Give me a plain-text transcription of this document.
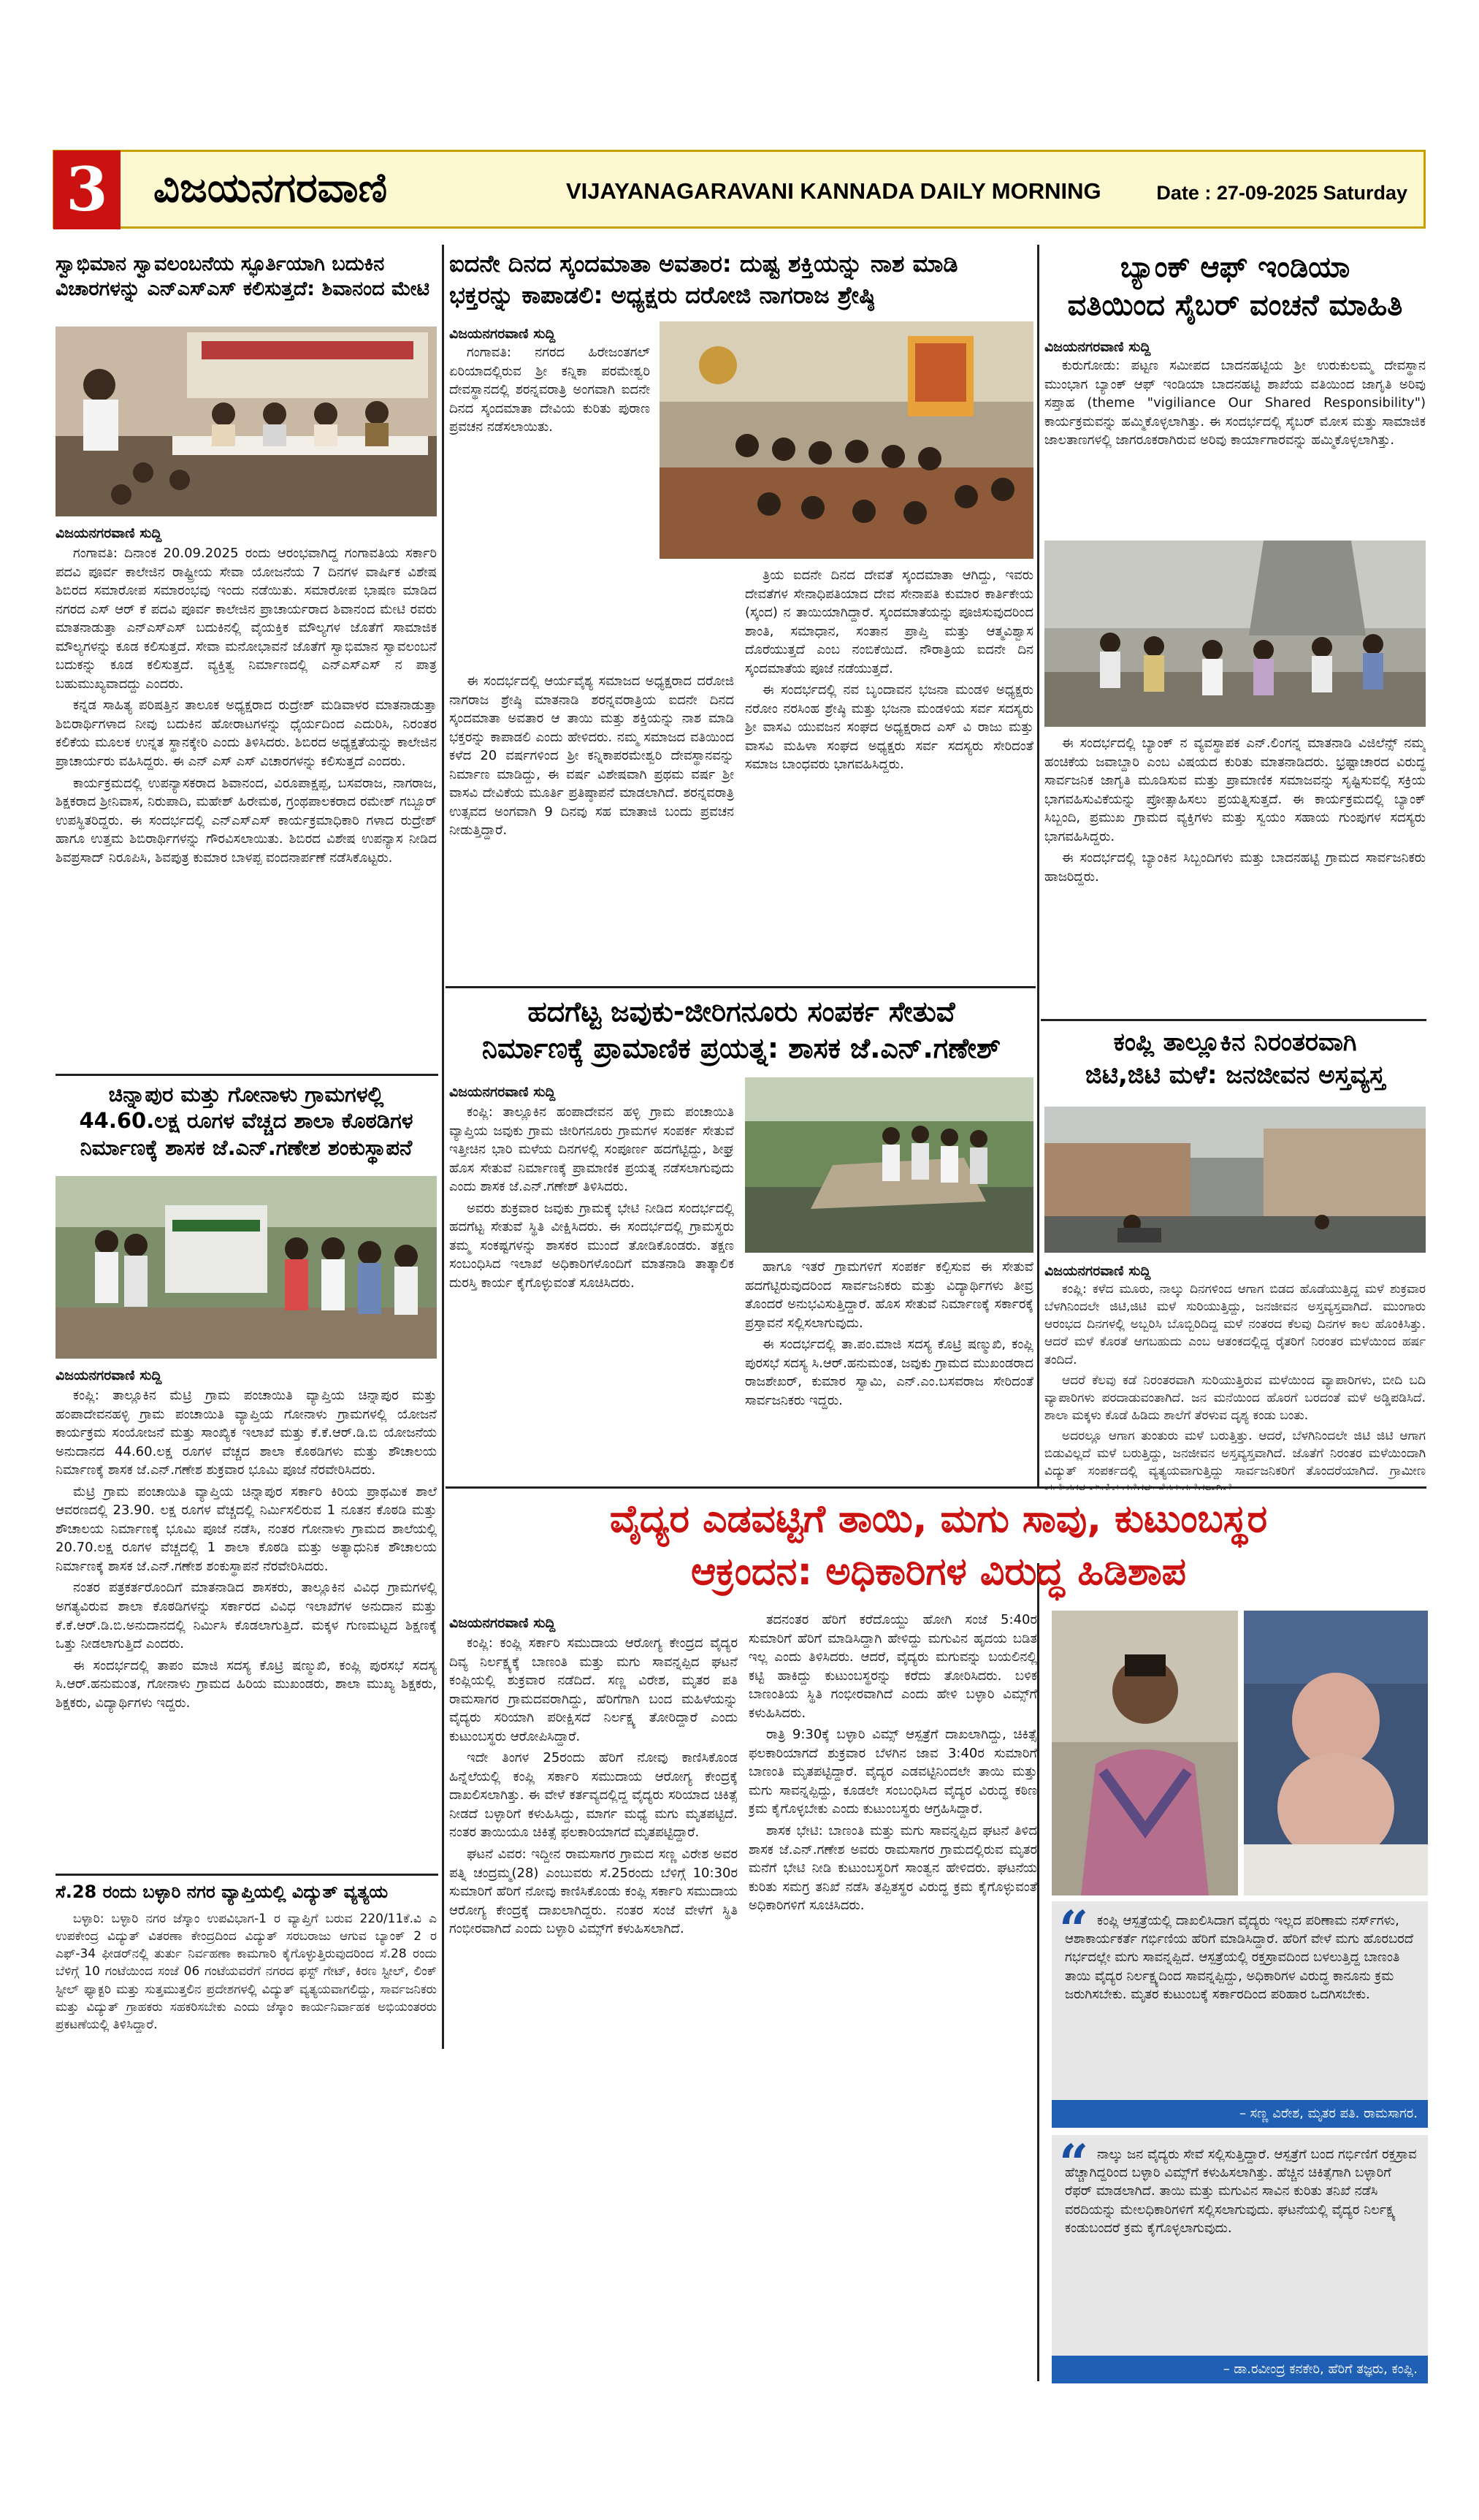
3	ವಿಜಯನಗರವಾಣಿ	VIJAYANAGARAVANI KANNADA DAILY MORNING	Date : 27-09-2025 Saturday
ಸ್ವಾಭಿಮಾನ ಸ್ವಾವಲಂಬನೆಯ ಸ್ಫೂರ್ತಿಯಾಗಿ ಬದುಕಿನ
ವಿಚಾರಗಳನ್ನು ಎನ್‌ಎಸ್‌ಎಸ್ ಕಲಿಸುತ್ತದೆ: ಶಿವಾನಂದ ಮೇಟಿ
ವಿಜಯನಗರವಾಣಿ ಸುದ್ದಿ

ಗಂಗಾವತಿ: ದಿನಾಂಕ 20.09.2025 ರಂದು ಆರಂಭವಾಗಿದ್ದ ಗಂಗಾವತಿಯ ಸರ್ಕಾರಿ ಪದವಿ ಪೂರ್ವ ಕಾಲೇಜಿನ ರಾಷ್ಟ್ರೀಯ ಸೇವಾ ಯೋಜನೆಯ 7 ದಿನಗಳ ವಾರ್ಷಿಕ ವಿಶೇಷ ಶಿಬಿರದ ಸಮಾರೋಪ ಸಮಾರಂಭವು ಇಂದು ನಡೆಯಿತು. ಸಮಾರೋಪ ಭಾಷಣ ಮಾಡಿದ ನಗರದ ಎಸ್ ಆರ್ ಕೆ ಪದವಿ ಪೂರ್ವ ಕಾಲೇಜಿನ ಪ್ರಾಚಾರ್ಯರಾದ ಶಿವಾನಂದ ಮೇಟಿ ರವರು ಮಾತನಾಡುತ್ತಾ ಎನ್‌ಎಸ್‌ಎಸ್ ಬದುಕಿನಲ್ಲಿ ವೈಯಕ್ತಿಕ ಮೌಲ್ಯಗಳ ಜೊತೆಗೆ ಸಾಮಾಜಿಕ ಮೌಲ್ಯಗಳನ್ನು ಕೂಡ ಕಲಿಸುತ್ತದೆ. ಸೇವಾ ಮನೋಭಾವನೆ ಜೊತೆಗೆ ಸ್ವಾಭಿಮಾನ ಸ್ವಾವಲಂಬನೆ ಬದುಕನ್ನು ಕೂಡ ಕಲಿಸುತ್ತದೆ. ವ್ಯಕ್ತಿತ್ವ ನಿರ್ಮಾಣದಲ್ಲಿ ಎನ್‌ಎಸ್‌ಎಸ್ ನ ಪಾತ್ರ ಬಹುಮುಖ್ಯವಾದದ್ದು ಎಂದರು.

ಕನ್ನಡ ಸಾಹಿತ್ಯ ಪರಿಷತ್ತಿನ ತಾಲೂಕ ಅಧ್ಯಕ್ಷರಾದ ರುದ್ರೇಶ್ ಮಡಿವಾಳರ ಮಾತನಾಡುತ್ತಾ ಶಿಬಿರಾರ್ಥಿಗಳಾದ ನೀವು ಬದುಕಿನ ಹೋರಾಟಗಳನ್ನು ಧೈರ್ಯದಿಂದ ಎದುರಿಸಿ, ನಿರಂತರ ಕಲಿಕೆಯ ಮೂಲಕ ಉನ್ನತ ಸ್ಥಾನಕ್ಕೇರಿ ಎಂದು ತಿಳಿಸಿದರು. ಶಿಬಿರದ ಅಧ್ಯಕ್ಷತೆಯನ್ನು ಕಾಲೇಜಿನ ಪ್ರಾಚಾರ್ಯರು ವಹಿಸಿದ್ದರು. ಈ ಎನ್ ಎಸ್ ಎಸ್ ವಿಚಾರಗಳನ್ನು ಕಲಿಸುತ್ತದೆ ಎಂದರು.

ಕಾರ್ಯಕ್ರಮದಲ್ಲಿ ಉಪನ್ಯಾಸಕರಾದ ಶಿವಾನಂದ, ವಿರೂಪಾಕ್ಷಪ್ಪ, ಬಸವರಾಜ, ನಾಗರಾಜ, ಶಿಕ್ಷಕರಾದ ಶ್ರೀನಿವಾಸ, ನಿರುಪಾದಿ, ಮಹೇಶ್ ಹಿರೇಮಠ, ಗ್ರಂಥಪಾಲಕರಾದ ರಮೇಶ್ ಗಬ್ಬೂರ್ ಉಪಸ್ಥಿತರಿದ್ದರು. ಈ ಸಂದರ್ಭದಲ್ಲಿ ಎನ್‌ಎಸ್‌ಎಸ್ ಕಾರ್ಯಕ್ರಮಾಧಿಕಾರಿ ಗಳಾದ ರುದ್ರೇಶ್ ಹಾಗೂ ಉತ್ತಮ ಶಿಬಿರಾರ್ಥಿಗಳನ್ನು ಗೌರವಿಸಲಾಯಿತು. ಶಿಬಿರದ ವಿಶೇಷ ಉಪನ್ಯಾಸ ನೀಡಿದ ಶಿವಪ್ರಸಾದ್ ನಿರೂಪಿಸಿ, ಶಿವಪುತ್ರ ಕುಮಾರ ಬಾಳಪ್ಪ ವಂದನಾರ್ಪಣೆ ನಡೆಸಿಕೊಟ್ಟರು.

ಚಿನ್ನಾಪುರ ಮತ್ತು ಗೋನಾಳು ಗ್ರಾಮಗಳಲ್ಲಿ
44.60.ಲಕ್ಷ ರೂಗಳ ವೆಚ್ಚದ ಶಾಲಾ ಕೊಠಡಿಗಳ
ನಿರ್ಮಾಣಕ್ಕೆ ಶಾಸಕ ಜೆ.ಎನ್.ಗಣೇಶ ಶಂಕುಸ್ಥಾಪನೆ
ವಿಜಯನಗರವಾಣಿ ಸುದ್ದಿ

ಕಂಪ್ಲಿ: ತಾಲ್ಲೂಕಿನ ಮೆಟ್ರಿ ಗ್ರಾಮ ಪಂಚಾಯಿತಿ ವ್ಯಾಪ್ತಿಯ ಚಿನ್ನಾಪುರ ಮತ್ತು ಹಂಪಾದೇವನಹಳ್ಳಿ ಗ್ರಾಮ ಪಂಚಾಯಿತಿ ವ್ಯಾಪ್ತಿಯ ಗೋನಾಳು ಗ್ರಾಮಗಳಲ್ಲಿ ಯೋಜನೆ ಕಾರ್ಯಕ್ರಮ ಸಂಯೋಜನೆ ಮತ್ತು ಸಾಂಖ್ಯಿಕ ಇಲಾಖೆ ಮತ್ತು ಕೆ.ಕೆ.ಆರ್.ಡಿ.ಬಿ ಯೋಜನೆಯ ಅನುದಾನದ 44.60.ಲಕ್ಷ ರೂಗಳ ವೆಚ್ಚದ ಶಾಲಾ ಕೊಠಡಿಗಳು ಮತ್ತು ಶೌಚಾಲಯ ನಿರ್ಮಾಣಕ್ಕೆ ಶಾಸಕ ಜೆ.ಎನ್.ಗಣೇಶ ಶುಕ್ರವಾರ ಭೂಮಿ ಪೂಜೆ ನೆರವೇರಿಸಿದರು.

ಮೆಟ್ರಿ ಗ್ರಾಮ ಪಂಚಾಯಿತಿ ವ್ಯಾಪ್ತಿಯ ಚಿನ್ನಾಪುರ ಸರ್ಕಾರಿ ಕಿರಿಯ ಪ್ರಾಥಮಿಕ ಶಾಲೆ ಆವರಣದಲ್ಲಿ 23.90. ಲಕ್ಷ ರೂಗಳ ವೆಚ್ಚದಲ್ಲಿ ನಿರ್ಮಿಸಲಿರುವ 1 ನೂತನ ಕೊಠಡಿ ಮತ್ತು ಶೌಚಾಲಯ ನಿರ್ಮಾಣಕ್ಕೆ ಭೂಮಿ ಪೂಜೆ ನಡೆಸಿ, ನಂತರ ಗೋನಾಳು ಗ್ರಾಮದ ಶಾಲೆಯಲ್ಲಿ 20.70.ಲಕ್ಷ ರೂಗಳ ವೆಚ್ಚದಲ್ಲಿ 1 ಶಾಲಾ ಕೊಠಡಿ ಮತ್ತು ಅತ್ಯಾಧುನಿಕ ಶೌಚಾಲಯ ನಿರ್ಮಾಣಕ್ಕೆ ಶಾಸಕ ಜೆ.ಎನ್.ಗಣೇಶ ಶಂಕುಸ್ಥಾಪನೆ ನೆರವೇರಿಸಿದರು.

ನಂತರ ಪತ್ರಕರ್ತರೊಂದಿಗೆ ಮಾತನಾಡಿದ ಶಾಸಕರು, ತಾಲ್ಲೂಕಿನ ವಿವಿಧ ಗ್ರಾಮಗಳಲ್ಲಿ ಅಗತ್ಯವಿರುವ ಶಾಲಾ ಕೊಠಡಿಗಳನ್ನು ಸರ್ಕಾರದ ವಿವಿಧ ಇಲಾಖೆಗಳ ಅನುದಾನ ಮತ್ತು ಕೆ.ಕೆ.ಆರ್.ಡಿ.ಬಿ.ಅನುದಾನದಲ್ಲಿ ನಿರ್ಮಿಸಿ ಕೊಡಲಾಗುತ್ತಿದೆ. ಮಕ್ಕಳ ಗುಣಮಟ್ಟದ ಶಿಕ್ಷಣಕ್ಕೆ ಒತ್ತು ನೀಡಲಾಗುತ್ತಿದೆ ಎಂದರು.

ಈ ಸಂದರ್ಭದಲ್ಲಿ ತಾಪಂ ಮಾಜಿ ಸದಸ್ಯ ಕೊಟ್ರಿ ಷಣ್ಮುಖಿ, ಕಂಪ್ಲಿ ಪುರಸಭೆ ಸದಸ್ಯ ಸಿ.ಆರ್.ಹನುಮಂತ, ಗೋನಾಳು ಗ್ರಾಮದ ಹಿರಿಯ ಮುಖಂಡರು, ಶಾಲಾ ಮುಖ್ಯ ಶಿಕ್ಷಕರು, ಶಿಕ್ಷಕರು, ವಿದ್ಯಾರ್ಥಿಗಳು ಇದ್ದರು.

ಸೆ.28 ರಂದು ಬಳ್ಳಾರಿ ನಗರ ವ್ಯಾಪ್ತಿಯಲ್ಲಿ ವಿದ್ಯುತ್ ವ್ಯತ್ಯಯ

ಬಳ್ಳಾರಿ: ಬಳ್ಳಾರಿ ನಗರ ಜೆಸ್ಕಾಂ ಉಪವಿಭಾಗ-1 ರ ವ್ಯಾಪ್ತಿಗೆ ಬರುವ 220/11ಕೆ.ವಿ ಎ ಉಪಕೇಂದ್ರ ವಿದ್ಯುತ್ ವಿತರಣಾ ಕೇಂದ್ರದಿಂದ ವಿದ್ಯುತ್ ಸರಬರಾಜು ಆಗುವ ಬ್ಯಾಂಕ್ 2 ರ ಎಫ್-34 ಫೀಡರ್‌ನಲ್ಲಿ ತುರ್ತು ನಿರ್ವಹಣಾ ಕಾಮಗಾರಿ ಕೈಗೊಳ್ಳುತ್ತಿರುವುದರಿಂದ ಸೆ.28 ರಂದು ಬೆಳಿಗ್ಗೆ 10 ಗಂಟೆಯಿಂದ ಸಂಜೆ 06 ಗಂಟೆಯವರೆಗೆ ನಗರದ ಫಸ್ಟ್ ಗೇಟ್, ಕಿರಣ ಸ್ಟೀಲ್, ಲಿಂಕ್ ಸ್ಟೀಲ್ ಫ್ಯಾಕ್ಟರಿ ಮತ್ತು ಸುತ್ತಮುತ್ತಲಿನ ಪ್ರದೇಶಗಳಲ್ಲಿ ವಿದ್ಯುತ್ ವ್ಯತ್ಯಯವಾಗಲಿದ್ದು, ಸಾರ್ವಜನಿಕರು ಮತ್ತು ವಿದ್ಯುತ್ ಗ್ರಾಹಕರು ಸಹಕರಿಸಬೇಕು ಎಂದು ಜೆಸ್ಕಾಂ ಕಾರ್ಯನಿರ್ವಾಹಕ ಅಭಿಯಂತರರು ಪ್ರಕಟಣೆಯಲ್ಲಿ ತಿಳಿಸಿದ್ದಾರೆ.

ಐದನೇ ದಿನದ ಸ್ಕಂದಮಾತಾ ಅವತಾರ: ದುಷ್ಟ ಶಕ್ತಿಯನ್ನು ನಾಶ ಮಾಡಿ
ಭಕ್ತರನ್ನು ಕಾಪಾಡಲಿ: ಅಧ್ಯಕ್ಷರು ದರೋಜಿ ನಾಗರಾಜ ಶ್ರೇಷ್ಠಿ
ವಿಜಯನಗರವಾಣಿ ಸುದ್ದಿ

ಗಂಗಾವತಿ: ನಗರದ ಹಿರೇಜಂತಗಲ್ ಏರಿಯಾದಲ್ಲಿರುವ ಶ್ರೀ ಕನ್ನಿಕಾ ಪರಮೇಶ್ವರಿ ದೇವಸ್ಥಾನದಲ್ಲಿ ಶರನ್ನವರಾತ್ರಿ ಅಂಗವಾಗಿ ಐದನೇ ದಿನದ ಸ್ಕಂದಮಾತಾ ದೇವಿಯ ಕುರಿತು ಪುರಾಣ ಪ್ರವಚನ ನಡೆಸಲಾಯಿತು.

ಈ ಸಂದರ್ಭದಲ್ಲಿ ಆರ್ಯವೈಶ್ಯ ಸಮಾಜದ ಅಧ್ಯಕ್ಷರಾದ ದರೋಜಿ ನಾಗರಾಜ ಶ್ರೇಷ್ಠಿ ಮಾತನಾಡಿ ಶರನ್ನವರಾತ್ರಿಯ ಐದನೇ ದಿನದ ಸ್ಕಂದಮಾತಾ ಅವತಾರ ಆ ತಾಯಿ ಮತ್ತು ಶಕ್ತಿಯನ್ನು ನಾಶ ಮಾಡಿ ಭಕ್ತರನ್ನು ಕಾಪಾಡಲಿ ಎಂದು ಹೇಳಿದರು. ನಮ್ಮ ಸಮಾಜದ ವತಿಯಿಂದ ಕಳೆದ 20 ವರ್ಷಗಳಿಂದ ಶ್ರೀ ಕನ್ನಿಕಾಪರಮೇಶ್ವರಿ ದೇವಸ್ಥಾನವನ್ನು ನಿರ್ಮಾಣ ಮಾಡಿದ್ದು, ಈ ವರ್ಷ ವಿಶೇಷವಾಗಿ ಪ್ರಥಮ ವರ್ಷ ಶ್ರೀ ವಾಸವಿ ದೇವಿಕೆಯ ಮೂರ್ತಿ ಪ್ರತಿಷ್ಠಾಪನೆ ಮಾಡಲಾಗಿದೆ. ಶರನ್ನವರಾತ್ರಿ ಉತ್ಸವದ ಅಂಗವಾಗಿ 9 ದಿನವು ಸಹ ಮಾತಾಜಿ ಬಂದು ಪ್ರವಚನ ನೀಡುತ್ತಿದ್ದಾರೆ.

ತ್ರಿಯ ಐದನೇ ದಿನದ ದೇವತೆ ಸ್ಕಂದಮಾತಾ ಆಗಿದ್ದು, ಇವರು ದೇವತೆಗಳ ಸೇನಾಧಿಪತಿಯಾದ ದೇವ ಸೇನಾಪತಿ ಕುಮಾರ ಕಾರ್ತಿಕೇಯ (ಸ್ಕಂದ) ನ ತಾಯಿಯಾಗಿದ್ದಾರೆ. ಸ್ಕಂದಮಾತೆಯನ್ನು ಪೂಜಿಸುವುದರಿಂದ ಶಾಂತಿ, ಸಮಾಧಾನ, ಸಂತಾನ ಪ್ರಾಪ್ತಿ ಮತ್ತು ಆತ್ಮವಿಶ್ವಾಸ ದೊರೆಯುತ್ತದೆ ಎಂಬ ನಂಬಿಕೆಯಿದೆ. ನೌರಾತ್ರಿಯ ಐದನೇ ದಿನ ಸ್ಕಂದಮಾತೆಯ ಪೂಜೆ ನಡೆಯುತ್ತದೆ.

ಈ ಸಂದರ್ಭದಲ್ಲಿ ನವ ಬೃಂದಾವನ ಭಜನಾ ಮಂಡಳಿ ಅಧ್ಯಕ್ಷರು ನರೋಂ ನರಸಿಂಹ ಶ್ರೇಷ್ಠಿ ಮತ್ತು ಭಜನಾ ಮಂಡಳಿಯ ಸರ್ವ ಸದಸ್ಯರು ಶ್ರೀ ವಾಸವಿ ಯುವಜನ ಸಂಘದ ಅಧ್ಯಕ್ಷರಾದ ಎಸ್ ವಿ ರಾಜು ಮತ್ತು ವಾಸವಿ ಮಹಿಳಾ ಸಂಘದ ಅಧ್ಯಕ್ಷರು ಸರ್ವ ಸದಸ್ಯರು ಸೇರಿದಂತೆ ಸಮಾಜ ಬಾಂಧವರು ಭಾಗವಹಿಸಿದ್ದರು.

ಹದಗೆಟ್ಟ ಜವುಕು-ಜೀರಿಗನೂರು ಸಂಪರ್ಕ ಸೇತುವೆ
ನಿರ್ಮಾಣಕ್ಕೆ ಪ್ರಾಮಾಣಿಕ ಪ್ರಯತ್ನ: ಶಾಸಕ ಜೆ.ಎನ್.ಗಣೇಶ್
ವಿಜಯನಗರವಾಣಿ ಸುದ್ದಿ

ಕಂಪ್ಲಿ: ತಾಲ್ಲೂಕಿನ ಹಂಪಾದೇವನ ಹಳ್ಳಿ ಗ್ರಾಮ ಪಂಚಾಯಿತಿ ವ್ಯಾಪ್ತಿಯ ಜವುಕು ಗ್ರಾಮ ಜೀರಿಗನೂರು ಗ್ರಾಮಗಳ ಸಂಪರ್ಕ ಸೇತುವೆ ಇತ್ತೀಚಿನ ಭಾರಿ ಮಳೆಯ ದಿನಗಳಲ್ಲಿ ಸಂಪೂರ್ಣ ಹದಗೆಟ್ಟಿದ್ದು, ಶೀಘ್ರ ಹೊಸ ಸೇತುವೆ ನಿರ್ಮಾಣಕ್ಕೆ ಪ್ರಾಮಾಣಿಕ ಪ್ರಯತ್ನ ನಡೆಸಲಾಗುವುದು ಎಂದು ಶಾಸಕ ಜೆ.ಎನ್.ಗಣೇಶ್ ತಿಳಿಸಿದರು.

ಅವರು ಶುಕ್ರವಾರ ಜವುಕು ಗ್ರಾಮಕ್ಕೆ ಭೇಟಿ ನೀಡಿದ ಸಂದರ್ಭದಲ್ಲಿ ಹದಗೆಟ್ಟ ಸೇತುವೆ ಸ್ಥಿತಿ ವೀಕ್ಷಿಸಿದರು. ಈ ಸಂದರ್ಭದಲ್ಲಿ ಗ್ರಾಮಸ್ಥರು ತಮ್ಮ ಸಂಕಷ್ಟಗಳನ್ನು ಶಾಸಕರ ಮುಂದೆ ತೋಡಿಕೊಂಡರು. ತಕ್ಷಣ ಸಂಬಂಧಿಸಿದ ಇಲಾಖೆ ಅಧಿಕಾರಿಗಳೊಂದಿಗೆ ಮಾತನಾಡಿ ತಾತ್ಕಾಲಿಕ ದುರಸ್ತಿ ಕಾರ್ಯ ಕೈಗೊಳ್ಳುವಂತೆ ಸೂಚಿಸಿದರು.

ಹಾಗೂ ಇತರೆ ಗ್ರಾಮಗಳಿಗೆ ಸಂಪರ್ಕ ಕಲ್ಪಿಸುವ ಈ ಸೇತುವೆ ಹದಗೆಟ್ಟಿರುವುದರಿಂದ ಸಾರ್ವಜನಿಕರು ಮತ್ತು ವಿದ್ಯಾರ್ಥಿಗಳು ತೀವ್ರ ತೊಂದರೆ ಅನುಭವಿಸುತ್ತಿದ್ದಾರೆ. ಹೊಸ ಸೇತುವೆ ನಿರ್ಮಾಣಕ್ಕೆ ಸರ್ಕಾರಕ್ಕೆ ಪ್ರಸ್ತಾವನೆ ಸಲ್ಲಿಸಲಾಗುವುದು.

ಈ ಸಂದರ್ಭದಲ್ಲಿ ತಾ.ಪಂ.ಮಾಜಿ ಸದಸ್ಯ ಕೊಟ್ರಿ ಷಣ್ಮುಖಿ, ಕಂಪ್ಲಿ ಪುರಸಭೆ ಸದಸ್ಯ ಸಿ.ಆರ್.ಹನುಮಂತ, ಜವುಕು ಗ್ರಾಮದ ಮುಖಂಡರಾದ ರಾಜಶೇಖರ್, ಕುಮಾರ ಸ್ವಾಮಿ, ಎನ್.ಎಂ.ಬಸವರಾಜ ಸೇರಿದಂತೆ ಸಾರ್ವಜನಿಕರು ಇದ್ದರು.

ಬ್ಯಾಂಕ್ ಆಫ್ ಇಂಡಿಯಾ
ವತಿಯಿಂದ ಸೈಬರ್ ವಂಚನೆ ಮಾಹಿತಿ
ವಿಜಯನಗರವಾಣಿ ಸುದ್ದಿ

ಕುರುಗೋಡು: ಪಟ್ಟಣ ಸಮೀಪದ ಬಾದನಹಟ್ಟಿಯ ಶ್ರೀ ಉರುಕುಲಮ್ಮ ದೇವಸ್ಥಾನ ಮುಂಭಾಗ ಬ್ಯಾಂಕ್ ಆಫ್ ಇಂಡಿಯಾ ಬಾದನಹಟ್ಟಿ ಶಾಖೆಯ ವತಿಯಿಂದ ಜಾಗೃತಿ ಅರಿವು ಸಪ್ತಾಹ (theme "vigiliance Our Shared Responsibility") ಕಾರ್ಯಕ್ರಮವನ್ನು ಹಮ್ಮಿಕೊಳ್ಳಲಾಗಿತ್ತು. ಈ ಸಂದರ್ಭದಲ್ಲಿ ಸೈಬರ್ ಮೋಸ ಮತ್ತು ಸಾಮಾಜಿಕ ಜಾಲತಾಣಗಳಲ್ಲಿ ಜಾಗರೂಕರಾಗಿರುವ ಅರಿವು ಕಾರ್ಯಾಗಾರವನ್ನು ಹಮ್ಮಿಕೊಳ್ಳಲಾಗಿತ್ತು.

ಈ ಸಂದರ್ಭದಲ್ಲಿ ಬ್ಯಾಂಕ್ ನ ವ್ಯವಸ್ಥಾಪಕ ಎನ್.ಲಿಂಗನ್ನ ಮಾತನಾಡಿ ವಿಜಿಲೆನ್ಸ್ ನಮ್ಮ ಹಂಚಿಕೆಯ ಜವಾಬ್ದಾರಿ ಎಂಬ ವಿಷಯದ ಕುರಿತು ಮಾತನಾಡಿದರು. ಭ್ರಷ್ಟಾಚಾರದ ವಿರುದ್ಧ ಸಾರ್ವಜನಿಕ ಜಾಗೃತಿ ಮೂಡಿಸುವ ಮತ್ತು ಪ್ರಾಮಾಣಿಕ ಸಮಾಜವನ್ನು ಸೃಷ್ಟಿಸುವಲ್ಲಿ ಸಕ್ರಿಯ ಭಾಗವಹಿಸುವಿಕೆಯನ್ನು ಪ್ರೋತ್ಸಾಹಿಸಲು ಪ್ರಯತ್ನಿಸುತ್ತದೆ. ಈ ಕಾರ್ಯಕ್ರಮದಲ್ಲಿ ಬ್ಯಾಂಕ್ ಸಿಬ್ಬಂದಿ, ಪ್ರಮುಖ ಗ್ರಾಮದ ವ್ಯಕ್ತಿಗಳು ಮತ್ತು ಸ್ವಯಂ ಸಹಾಯ ಗುಂಪುಗಳ ಸದಸ್ಯರು ಭಾಗವಹಿಸಿದ್ದರು.

ಈ ಸಂದರ್ಭದಲ್ಲಿ ಬ್ಯಾಂಕಿನ ಸಿಬ್ಬಂದಿಗಳು ಮತ್ತು ಬಾದನಹಟ್ಟಿ ಗ್ರಾಮದ ಸಾರ್ವಜನಿಕರು ಹಾಜರಿದ್ದರು.

ಕಂಪ್ಲಿ ತಾಲ್ಲೂಕಿನ ನಿರಂತರವಾಗಿ
ಜಿಟಿ,ಜಿಟಿ ಮಳೆ: ಜನಜೀವನ ಅಸ್ತವ್ಯಸ್ತ
ವಿಜಯನಗರವಾಣಿ ಸುದ್ದಿ

ಕಂಪ್ಲಿ: ಕಳೆದ ಮೂರು, ನಾಲ್ಕು ದಿನಗಳಿಂದ ಆಗಾಗ ಬಿಡದ ಹೊಡೆಯುತ್ತಿದ್ದ ಮಳೆ ಶುಕ್ರವಾರ ಬೆಳಗಿನಿಂದಲೇ ಜಿಟಿ,ಜಿಟಿ ಮಳೆ ಸುರಿಯುತ್ತಿದ್ದು, ಜನಜೀವನ ಅಸ್ತವ್ಯಸ್ತವಾಗಿದೆ. ಮುಂಗಾರು ಆರಂಭದ ದಿನಗಳಲ್ಲಿ ಅಬ್ಬರಿಸಿ ಬೊಬ್ಬಿರಿದಿದ್ದ ಮಳೆ ನಂತರದ ಕೆಲವು ದಿನಗಳ ಕಾಲ ಹೊಂಕಿಸಿತ್ತು. ಆದರೆ ಮಳೆ ಕೊರತೆ ಆಗಬಹುದು ಎಂಬ ಆತಂಕದಲ್ಲಿದ್ದ ರೈತರಿಗೆ ನಿರಂತರ ಮಳೆಯಿಂದ ಹರ್ಷ ತಂದಿದೆ.

ಆದರೆ ಕೆಲವು ಕಡೆ ನಿರಂತರವಾಗಿ ಸುರಿಯುತ್ತಿರುವ ಮಳೆಯಿಂದ ವ್ಯಾಪಾರಿಗಳು, ಬೀದಿ ಬದಿ ವ್ಯಾಪಾರಿಗಳು ಪರದಾಡುವಂತಾಗಿದೆ. ಜನ ಮನೆಯಿಂದ ಹೊರಗೆ ಬರದಂತೆ ಮಳೆ ಅಡ್ಡಿಪಡಿಸಿದೆ. ಶಾಲಾ ಮಕ್ಕಳು ಕೊಡೆ ಹಿಡಿದು ಶಾಲೆಗೆ ತೆರಳುವ ದೃಶ್ಯ ಕಂಡು ಬಂತು.

ಅದರಲ್ಲೂ ಆಗಾಗ ತುಂತುರು ಮಳೆ ಬರುತ್ತಿತ್ತು. ಆದರೆ, ಬೆಳಗಿನಿಂದಲೇ ಜಿಟಿ ಜಿಟಿ ಆಗಾಗ ಬಿಡುವಿಲ್ಲದೆ ಮಳೆ ಬರುತ್ತಿದ್ದು, ಜನಜೀವನ ಅಸ್ತವ್ಯಸ್ತವಾಗಿದೆ. ಜೊತೆಗೆ ನಿರಂತರ ಮಳೆಯಿಂದಾಗಿ ವಿದ್ಯುತ್ ಸಂಪರ್ಕದಲ್ಲಿ ವ್ಯತ್ಯಯವಾಗುತ್ತಿದ್ದು ಸಾರ್ವಜನಿಕರಿಗೆ ತೊಂದರೆಯಾಗಿದೆ. ಗ್ರಾಮೀಣ

ವೈದ್ಯರ ಎಡವಟ್ಟಿಗೆ ತಾಯಿ, ಮಗು ಸಾವು, ಕುಟುಂಬಸ್ಥರ
ಆಕ್ರಂದನ: ಅಧಿಕಾರಿಗಳ ವಿರುದ್ಧ ಹಿಡಿಶಾಪ
ವಿಜಯನಗರವಾಣಿ ಸುದ್ದಿ

ಕಂಪ್ಲಿ: ಕಂಪ್ಲಿ ಸರ್ಕಾರಿ ಸಮುದಾಯ ಆರೋಗ್ಯ ಕೇಂದ್ರದ ವೈದ್ಯರ ದಿವ್ಯ ನಿರ್ಲಕ್ಷ್ಯಕ್ಕೆ ಬಾಣಂತಿ ಮತ್ತು ಮಗು ಸಾವನ್ನಪ್ಪಿದ ಘಟನೆ ಕಂಪ್ಲಿಯಲ್ಲಿ ಶುಕ್ರವಾರ ನಡೆದಿದೆ. ಸಣ್ಣ ವಿರೇಶ, ಮೃತರ ಪತಿ ರಾಮಸಾಗರ ಗ್ರಾಮದವರಾಗಿದ್ದು, ಹೆರಿಗೆಗಾಗಿ ಬಂದ ಮಹಿಳೆಯನ್ನು ವೈದ್ಯರು ಸರಿಯಾಗಿ ಪರೀಕ್ಷಿಸದೆ ನಿರ್ಲಕ್ಷ್ಯ ತೋರಿದ್ದಾರೆ ಎಂದು ಕುಟುಂಬಸ್ಥರು ಆರೋಪಿಸಿದ್ದಾರೆ.

ಇದೇ ತಿಂಗಳ 25ರಂದು ಹೆರಿಗೆ ನೋವು ಕಾಣಿಸಿಕೊಂಡ ಹಿನ್ನೆಲೆಯಲ್ಲಿ ಕಂಪ್ಲಿ ಸರ್ಕಾರಿ ಸಮುದಾಯ ಆರೋಗ್ಯ ಕೇಂದ್ರಕ್ಕೆ ದಾಖಲಿಸಲಾಗಿತ್ತು. ಈ ವೇಳೆ ಕರ್ತವ್ಯದಲ್ಲಿದ್ದ ವೈದ್ಯರು ಸರಿಯಾದ ಚಿಕಿತ್ಸೆ ನೀಡದೆ ಬಳ್ಳಾರಿಗೆ ಕಳುಹಿಸಿದ್ದು, ಮಾರ್ಗ ಮಧ್ಯೆ ಮಗು ಮೃತಪಟ್ಟಿದೆ. ನಂತರ ತಾಯಿಯೂ ಚಿಕಿತ್ಸೆ ಫಲಕಾರಿಯಾಗದೆ ಮೃತಪಟ್ಟಿದ್ದಾರೆ.

ಘಟನೆ ವಿವರ: ಇದ್ದೀನ ರಾಮಸಾಗರ ಗ್ರಾಮದ ಸಣ್ಣ ವಿರೇಶ ಅವರ ಪತ್ನಿ ಚಂದ್ರಮ್ಮ(28) ಎಂಬುವರು ಸೆ.25ರಂದು ಬೆಳಿಗ್ಗೆ 10:30ರ ಸುಮಾರಿಗೆ ಹೆರಿಗೆ ನೋವು ಕಾಣಿಸಿಕೊಂಡು ಕಂಪ್ಲಿ ಸರ್ಕಾರಿ ಸಮುದಾಯ ಆರೋಗ್ಯ ಕೇಂದ್ರಕ್ಕೆ ದಾಖಲಾಗಿದ್ದರು. ನಂತರ ಸಂಜೆ ವೇಳೆಗೆ ಸ್ಥಿತಿ ಗಂಭೀರವಾಗಿದೆ ಎಂದು ಬಳ್ಳಾರಿ ವಿಮ್ಸ್‌ಗೆ ಕಳುಹಿಸಲಾಗಿದೆ.

ತದನಂತರ ಹೆರಿಗೆ ಕರೆದೊಯ್ದು ಹೋಗಿ ಸಂಜೆ 5:40ರ ಸುಮಾರಿಗೆ ಹೆರಿಗೆ ಮಾಡಿಸಿದ್ದಾಗಿ ಹೇಳಿದ್ದು ಮಗುವಿನ ಹೃದಯ ಬಡಿತ ಇಲ್ಲ ಎಂದು ತಿಳಿಸಿದರು. ಆದರೆ, ವೈದ್ಯರು ಮಗುವನ್ನು ಬಯಲಿನಲ್ಲಿ ಕಟ್ಟಿ ಹಾಕಿದ್ದು ಕುಟುಂಬಸ್ಥರನ್ನು ಕರೆದು ತೋರಿಸಿದರು. ಬಳಿಕ ಬಾಣಂತಿಯ ಸ್ಥಿತಿ ಗಂಭೀರವಾಗಿದೆ ಎಂದು ಹೇಳಿ ಬಳ್ಳಾರಿ ವಿಮ್ಸ್‌ಗೆ ಕಳುಹಿಸಿದರು.

ರಾತ್ರಿ 9:30ಕ್ಕೆ ಬಳ್ಳಾರಿ ವಿಮ್ಸ್ ಆಸ್ಪತ್ರೆಗೆ ದಾಖಲಾಗಿದ್ದು, ಚಿಕಿತ್ಸೆ ಫಲಕಾರಿಯಾಗದೆ ಶುಕ್ರವಾರ ಬೆಳಗಿನ ಜಾವ 3:40ರ ಸುಮಾರಿಗೆ ಬಾಣಂತಿ ಮೃತಪಟ್ಟಿದ್ದಾರೆ. ವೈದ್ಯರ ಎಡವಟ್ಟಿನಿಂದಲೇ ತಾಯಿ ಮತ್ತು ಮಗು ಸಾವನ್ನಪ್ಪಿದ್ದು, ಕೂಡಲೇ ಸಂಬಂಧಿಸಿದ ವೈದ್ಯರ ವಿರುದ್ಧ ಕಠಿಣ ಕ್ರಮ ಕೈಗೊಳ್ಳಬೇಕು ಎಂದು ಕುಟುಂಬಸ್ಥರು ಆಗ್ರಹಿಸಿದ್ದಾರೆ.

ಶಾಸಕ ಭೇಟಿ: ಬಾಣಂತಿ ಮತ್ತು ಮಗು ಸಾವನ್ನಪ್ಪಿದ ಘಟನೆ ತಿಳಿದ ಶಾಸಕ ಜೆ.ಎನ್.ಗಣೇಶ ಅವರು ರಾಮಸಾಗರ ಗ್ರಾಮದಲ್ಲಿರುವ ಮೃತರ ಮನೆಗೆ ಭೇಟಿ ನೀಡಿ ಕುಟುಂಬಸ್ಥರಿಗೆ ಸಾಂತ್ವನ ಹೇಳಿದರು. ಘಟನೆಯ ಕುರಿತು ಸಮಗ್ರ ತನಿಖೆ ನಡೆಸಿ ತಪ್ಪಿತಸ್ಥರ ವಿರುದ್ಧ ಕ್ರಮ ಕೈಗೊಳ್ಳುವಂತೆ ಅಧಿಕಾರಿಗಳಿಗೆ ಸೂಚಿಸಿದರು.	“ ಕಂಪ್ಲಿ ಆಸ್ಪತ್ರೆಯಲ್ಲಿ ದಾಖಲಿಸಿದಾಗ ವೈದ್ಯರು ಇಲ್ಲದ ಪರಿಣಾಮ ನರ್ಸ್‌ಗಳು, ಆಶಾಕಾರ್ಯಕರ್ತೆ ಗರ್ಭಿಣಿಯ ಹೆರಿಗೆ ಮಾಡಿಸಿದ್ದಾರೆ. ಹೆರಿಗೆ ವೇಳೆ ಮಗು ಹೊರಬರದೆ ಗರ್ಭದಲ್ಲೇ ಮಗು ಸಾವನ್ನಪ್ಪಿದೆ. ಆಸ್ಪತ್ರೆಯಲ್ಲಿ ರಕ್ತಸ್ರಾವದಿಂದ ಬಳಲುತ್ತಿದ್ದ ಬಾಣಂತಿ ತಾಯಿ ವೈದ್ಯರ ನಿರ್ಲಕ್ಷ್ಯದಿಂದ ಸಾವನ್ನಪ್ಪಿದ್ದು, ಅಧಿಕಾರಿಗಳ ವಿರುದ್ಧ ಕಾನೂನು ಕ್ರಮ ಜರುಗಿಸಬೇಕು. ಮೃತರ ಕುಟುಂಬಕ್ಕೆ ಸರ್ಕಾರದಿಂದ ಪರಿಹಾರ ಒದಗಿಸಬೇಕು.
– ಸಣ್ಣ ವಿರೇಶ, ಮೃತರ ಪತಿ. ರಾಮಸಾಗರ.
“ ನಾಲ್ಕು ಜನ ವೈದ್ಯರು ಸೇವೆ ಸಲ್ಲಿಸುತ್ತಿದ್ದಾರೆ. ಆಸ್ಪತ್ರೆಗೆ ಬಂದ ಗರ್ಭಿಣಿಗೆ ರಕ್ತಸ್ರಾವ ಹೆಚ್ಚಾಗಿದ್ದರಿಂದ ಬಳ್ಳಾರಿ ವಿಮ್ಸ್‌ಗೆ ಕಳುಹಿಸಲಾಗಿತ್ತು. ಹೆಚ್ಚಿನ ಚಿಕಿತ್ಸೆಗಾಗಿ ಬಳ್ಳಾರಿಗೆ ರೆಫರ್ ಮಾಡಲಾಗಿದೆ. ತಾಯಿ ಮತ್ತು ಮಗುವಿನ ಸಾವಿನ ಕುರಿತು ತನಿಖೆ ನಡೆಸಿ ವರದಿಯನ್ನು ಮೇಲಧಿಕಾರಿಗಳಿಗೆ ಸಲ್ಲಿಸಲಾಗುವುದು. ಘಟನೆಯಲ್ಲಿ ವೈದ್ಯರ ನಿರ್ಲಕ್ಷ್ಯ ಕಂಡುಬಂದರೆ ಕ್ರಮ ಕೈಗೊಳ್ಳಲಾಗುವುದು.
– ಡಾ.ರವೀಂದ್ರ ಕನಕೇರಿ, ಹೆರಿಗೆ ತಜ್ಞರು, ಕಂಪ್ಲಿ.
